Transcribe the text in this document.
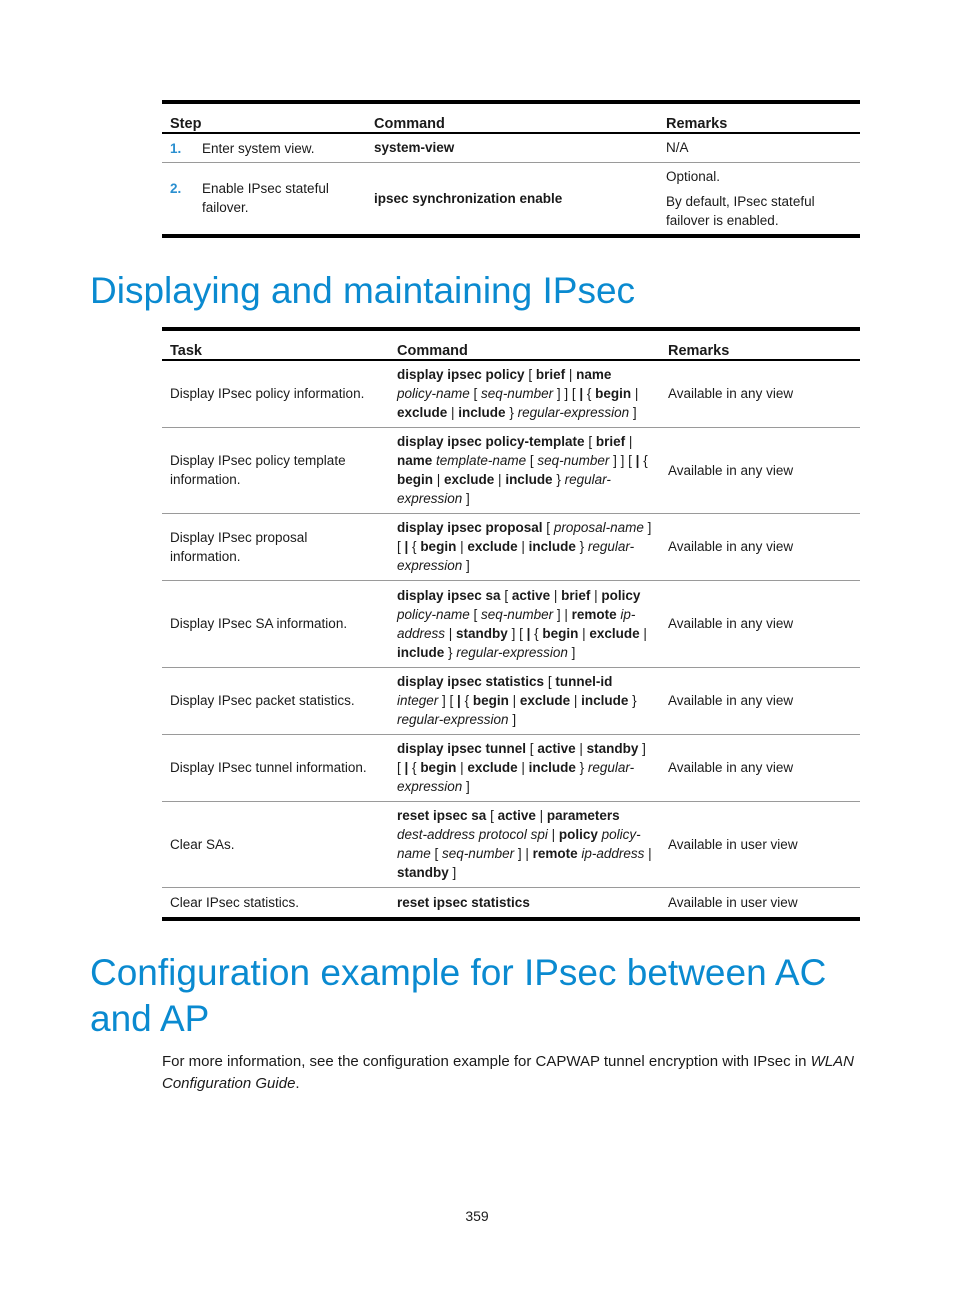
Step	Command	Remarks
1. Enter system view.	system-view	N/A

2. Enable IPsec stateful failover.	ipsec synchronization enable	Optional.

By default, IPsec stateful failover is enabled.

Displaying and maintaining IPsec
Task	Command	Remarks
Display IPsec policy information.	display ipsec policy [ brief | name policy-name [ seq-number ] ] [ | { begin | exclude | include } regular-expression ]	Available in any view
Display IPsec policy template information.	display ipsec policy-template [ brief | name template-name [ seq-number ] ] [ | { begin | exclude | include } regular-expression ]	Available in any view
Display IPsec proposal information.	display ipsec proposal [ proposal-name ] [ | { begin | exclude | include } regular-expression ]	Available in any view
Display IPsec SA information.	display ipsec sa [ active | brief | policy policy-name [ seq-number ] | remote ip-address | standby ] [ | { begin | exclude | include } regular-expression ]	Available in any view
Display IPsec packet statistics.	display ipsec statistics [ tunnel-id integer ] [ | { begin | exclude | include } regular-expression ]	Available in any view
Display IPsec tunnel information.	display ipsec tunnel [ active | standby ] [ | { begin | exclude | include } regular-expression ]	Available in any view
Clear SAs.	reset ipsec sa [ active | parameters dest-address protocol spi | policy policy-name [ seq-number ] | remote ip-address | standby ]	Available in user view
Clear IPsec statistics.	reset ipsec statistics	Available in user view
Configuration example for IPsec between AC and AP

For more information, see the configuration example for CAPWAP tunnel encryption with IPsec in WLAN Configuration Guide.

359
